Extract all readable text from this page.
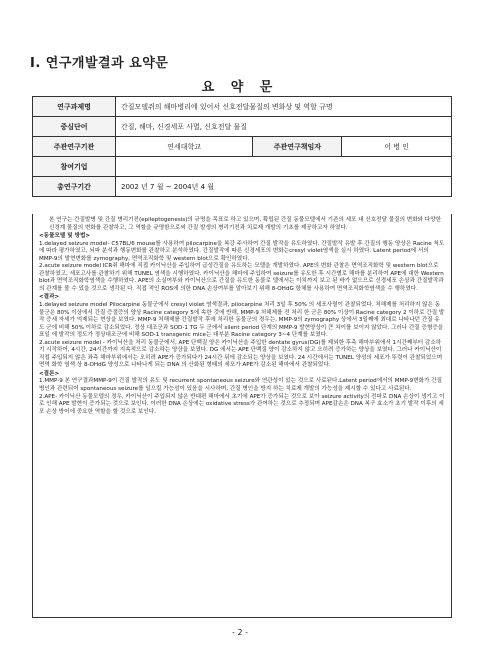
I. 연구개발결과 요약문
요 약 문
연구과제명	간질모델쥐의 해마병리에 있어서 신호전달물질의 변화상 및 역할 규명		
중심단어	간질, 해마, 신경세포 사멸, 신호전달 물질		
주관연구기관	연세대학교	주관연구책임자	이 병 인
참여기업			
총연구기간	2002 년 7 월 ~ 2004년 4 월		

본 연구는 간질발병 및 간질 병리기전(epileptogenesis)의 규명을 목표로 하고 있으며, 확립된 간질 동물모델에서 기존의 세포 내 신호전달 물질의 변화와 다양한 신경계 물질의 변화를 관찰하고, 그 역할을 규명함으로써 간질 발생의 병리기전과 치료제 개발의 기초를 제공하고자 하였다.

<동물모델 및 방법>

1.delayed seizure model- C57BL/6 mouse를 사용하여 pilocarpine을 복강 주사하여 간질 발작을 유도하였다. 간질발작 유발 후 간질의 행동 양상은 Racine 척도에 따라 평가하였고, 뇌파 분석과 행동변화를 관찰하고 분석하였다. 간질발작에 따른 신경세포의 변화는cresyl violet염색을 실시 하였다. Latent period에 서의 MMP-9의 발현변화를 zymography, 면역조직화학 및 western blot으로 확인하였다.

2.acute seizure model ICR쥐 해마에 직접 카이닉산을 주입하여 급성간질을 유도하는 모델을 개발하였다. APE의 변화 관찰은 면역조직화학 및 western blot으로 관찰하였고, 세포고사를 관찰하기 위해 TUNEL 염색을 시행하였다. 카이닉산을 해마에 주입하여 seizure를 유도한 후 시간별로 해마를 분리하여 APE에 대한 Western blot과 면역조직화학염색을 수행하였다. APE의 소실여부와 카이닉산으로 간질을 유도한 동물로 델에서는 이치까지 보고 된 바가 없으므로 신경세포 손상과 간질발작과의 관계를 볼 수 있을 것으로 생각된 다. 직접 적인 ROS에 의한 DNA 손상여부를 알아보기 위해 8-OHdG 항체를 사용하여 면역조직화학염색을 수 행하였다.

<결과>

1.delayed seizure model Pilocarpine 동물군에서 cresyl violet 염색결과, pilocarpine 처리 3일 후 50% 의 세포사멸이 관찰되었다. 처해제를 처리하지 않은 동물군은 80% 이상에서 간질 증절증의 양상 Racine category 5에 속한 것에 반해, MMP-9 처해제를 전 처리 한 군은 80% 이상이 Racine category 2 이하로 간질 발작 증세 자세가 억제되는 현상을 보였다. MMP-9 처해제를 간질발작 후에 처리한 동물군의 경우는, MMP-9의 zymography 상에서 3일째에 최대로 나타나던 간질 유도 군에 비해 50% 이하로 감소되었다. 정상 대조군과 SOD-1 TG 두 군에서 silent period 단계의 MMP-9 발현양상이 큰 차이를 보이지 않았다. 그러나 간질 증혐증을 표일 에 발작의 정도가 정상대조군에 비해 SOD-1 transgenic mice는 대부분 Racine category 3~4 단계를 보였다.

2.acute seizure model - 카이닉산을 처리 동물군에서, APE 단백질 양은 카이닉산을 주입한 dentate gyrus(DG)를 제외한 후측 해마부위에서 1시간째부터 감소하기 시작하여, 4시간, 24시간까지 지속적으로 감소하는 양상을 보였다. DG 에서는 APE 단백질 양이 감소하지 않고 오히려 증가하는 양상을 보였다. 그러나 카이닉산이 직접 주입되지 않은 좌측 해마부위에서는 오히려 APE가 증가되다가 24시간 뒤에 감소되는 양상을 보였다. 24 시간에서는 TUNEL 양성의 세포가 뚜렷이 관찰되었으며 면역 화학 염색 상 8-OHdG 양성으로 나타나게 되는 DNA 의 산화된 형태의 세포가 APE가 감소된 해마에서 관찰되었다.

<결론>

1.MMP-9 본 연구결과MMP-9이 간질 발작의 유도 및 recurrent spontaneous seizure와 연관성이 있는 것으로 사료된다.Latent period에서의 MMP-9변화가 간질 병인과 관련되어 spontaneous seizure를 일으킬 가능성이 있음을 시사하며, 간질 병인을 방지 하는 치료제 개발의 가능성을 제시할 수 있다고 사료된다.

2.APE- 카이닉산 동물모델의 경우, 카이닉산이 주입되지 않은 반대편 해마에서 초기에 APE가 증가되는 것으로 보아 seizure activity의 전파로 DNA 손상이 생기고 이로 인해 APE 발현이 증가되는 것으로 보인다. 이러한 DNA 손상에는 oxidative stress가 관여하는 것으로 추정되며 APE감손은 DNA 복구 효소가 초기 발작 이후의 세포 손상 방어에 중요한 역할을 할 것으로 보인다.

- 2 -
